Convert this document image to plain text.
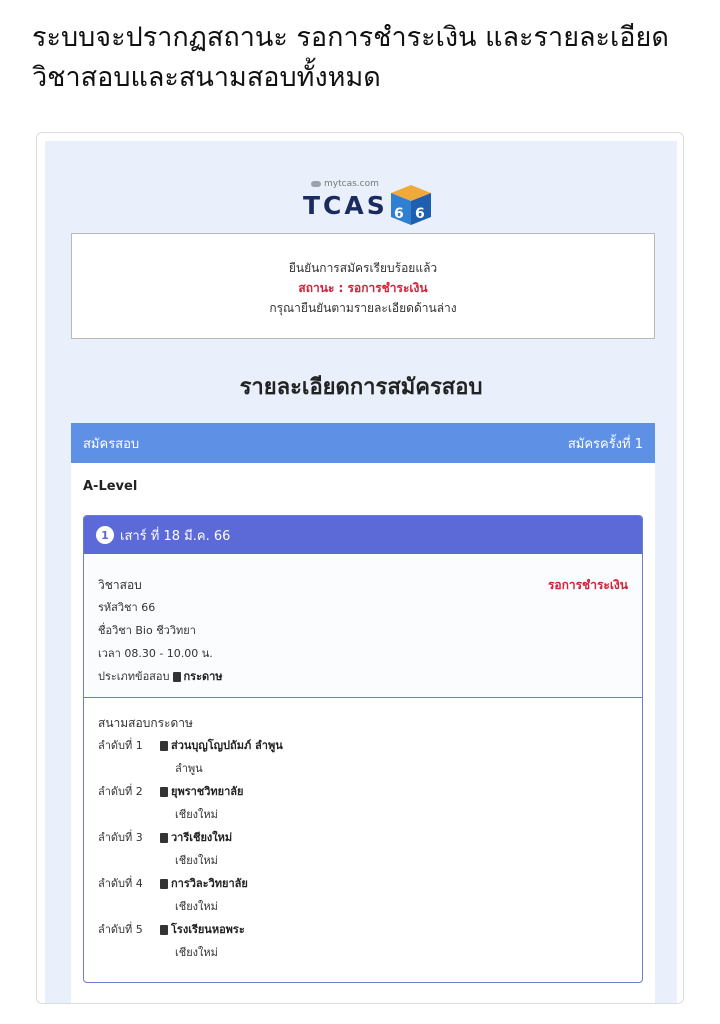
ระบบจะปรากฏสถานะ รอการชำระเงิน และรายละเอียดวิชาสอบและสนามสอบทั้งหมด
mytcas.com
TCAS 6 6
ยืนยันการสมัครเรียบร้อยแล้ว
สถานะ : รอการชำระเงิน
กรุณายืนยันตามรายละเอียดด้านล่าง
รายละเอียดการสมัครสอบ
สมัครสอบ	สมัครครั้งที่ 1
A-Level
1 เสาร์ ที่ 18 มี.ค. 66
วิชาสอบ	รอการชำระเงิน
รหัสวิชา 66
ชื่อวิชา Bio ชีววิทยา
เวลา 08.30 - 10.00 น.
ประเภทข้อสอบ กระดาษ
สนามสอบกระดาษ
ลำดับที่ 1	ส่วนบุญโญปถัมภ์ ลำพูน
ลำพูน
ลำดับที่ 2	ยุพราชวิทยาลัย
เชียงใหม่
ลำดับที่ 3	วารีเชียงใหม่
เชียงใหม่
ลำดับที่ 4	การวิละวิทยาลัย
เชียงใหม่
ลำดับที่ 5	โรงเรียนหอพระ
เชียงใหม่
